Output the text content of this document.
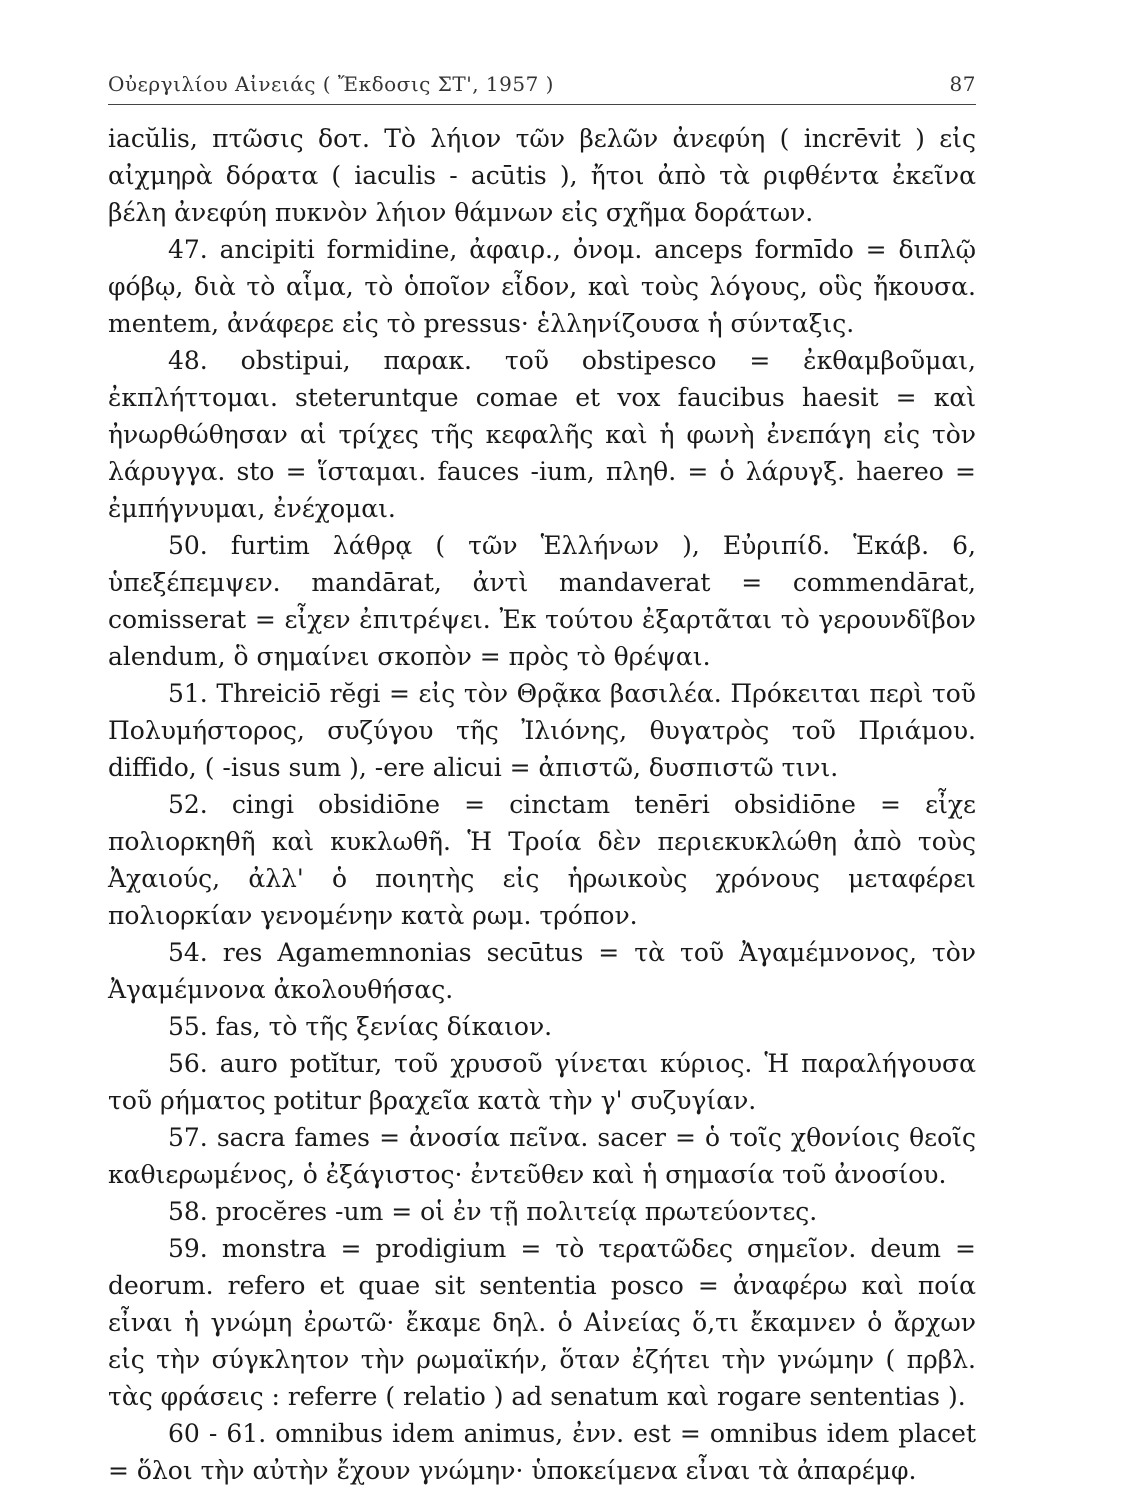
Οὐεργιλίου Αἰνειάς ( Ἔκδοσις ΣΤ', 1957 )	87

iacŭlis, πτῶσις δοτ. Τὸ λήιον τῶν βελῶν ἀνεφύη ( incrēvit ) εἰς αἰχμηρὰ δόρατα ( iaculis - acūtis ), ἤτοι ἀπὸ τὰ ριφθέντα ἐκεῖνα βέλη ἀνεφύη πυκνὸν λήιον θάμνων εἰς σχῆμα δοράτων.

47. ancipiti formidine, ἀφαιρ., ὀνομ. anceps formīdo = διπλῷ φόβῳ, διὰ τὸ αἷμα, τὸ ὁποῖον εἶδον, καὶ τοὺς λόγους, οὓς ἤκουσα. mentem, ἀνάφερε εἰς τὸ pressus· ἑλληνίζουσα ἡ σύνταξις.

48. obstipui, παρακ. τοῦ obstipesco = ἐκθαμβοῦμαι, ἐκπλήττομαι. steteruntque comae et vox faucibus haesit = καὶ ἠνωρθώθησαν αἱ τρίχες τῆς κεφαλῆς καὶ ἡ φωνὴ ἐνεπάγη εἰς τὸν λάρυγγα. sto = ἵσταμαι. fauces -ium, πληθ. = ὁ λάρυγξ. haereo = ἐμπήγνυμαι, ἐνέχομαι.

50. furtim λάθρᾳ ( τῶν Ἑλλήνων ), Εὐριπίδ. Ἑκάβ. 6, ὑπεξέπεμψεν. mandārat, ἀντὶ mandaverat = commendārat, comisserat = εἶχεν ἐπιτρέψει. Ἐκ τούτου ἐξαρτᾶται τὸ γερουνδῖβον alendum, ὃ σημαίνει σκοπὸν = πρὸς τὸ θρέψαι.

51. Threiciō rĕgi = εἰς τὸν Θρᾷκα βασιλέα. Πρόκειται περὶ τοῦ Πολυμήστορος, συζύγου τῆς Ἰλιόνης, θυγατρὸς τοῦ Πριάμου. diffido, ( -isus sum ), -ere alicui = ἀπιστῶ, δυσπιστῶ τινι.

52. cingi obsidiōne = cinctam tenēri obsidiōne = εἶχε πολιορκηθῆ καὶ κυκλωθῆ. Ἡ Τροία δὲν περιεκυκλώθη ἀπὸ τοὺς Ἀχαιούς, ἀλλ' ὁ ποιητὴς εἰς ἡρωικοὺς χρόνους μεταφέρει πολιορκίαν γενομένην κατὰ ρωμ. τρόπον.

54. res Agamemnonias secūtus = τὰ τοῦ Ἀγαμέμνονος, τὸν Ἀγαμέμνονα ἀκολουθήσας.

55. fas, τὸ τῆς ξενίας δίκαιον.

56. auro potĭtur, τοῦ χρυσοῦ γίνεται κύριος. Ἡ παραλήγουσα τοῦ ρήματος potitur βραχεῖα κατὰ τὴν γ' συζυγίαν.

57. sacra fames = ἀνοσία πεῖνα. sacer = ὁ τοῖς χθονίοις θεοῖς καθιερωμένος, ὁ ἐξάγιστος· ἐντεῦθεν καὶ ἡ σημασία τοῦ ἀνοσίου.

58. procĕres -um = οἱ ἐν τῇ πολιτείᾳ πρωτεύοντες.

59. monstra = prodigium = τὸ τερατῶδες σημεῖον. deum = deorum. refero et quae sit sententia posco = ἀναφέρω καὶ ποία εἶναι ἡ γνώμη ἐρωτῶ· ἔκαμε δηλ. ὁ Αἰνείας ὅ,τι ἔκαμνεν ὁ ἄρχων εἰς τὴν σύγκλητον τὴν ρωμαϊκήν, ὅταν ἐζήτει τὴν γνώμην ( πρβλ. τὰς φράσεις : referre ( relatio ) ad senatum καὶ rogare sententias ).

60 - 61. omnibus idem animus, ἐνν. est = omnibus idem placet = ὅλοι τὴν αὐτὴν ἔχουν γνώμην· ὑποκείμενα εἶναι τὰ ἀπαρέμφ.
